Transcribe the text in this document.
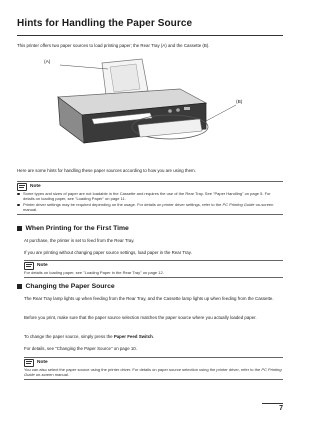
Hints for Handling the Paper Source

This printer offers two paper sources to load printing paper; the Rear Tray (A) and the Cassette (B).

(A)
(B)

Here are some hints for handling these paper sources according to how you are using them.

Note
Some types and sizes of paper are not loadable in the Cassette and requires the use of the Rear Tray. See "Paper Handling" on page 5. For details on loading paper, see "Loading Paper" on page 11.
Printer driver settings may be required depending on the usage. For details on printer driver settings, refer to the PC Printing Guide on-screen manual.
When Printing for the First Time

At purchase, the printer is set to feed from the Rear Tray.

If you are printing without changing paper source settings, load paper in the Rear Tray.

Note

For details on loading paper, see "Loading Paper in the Rear Tray" on page 12.

Changing the Paper Source

The Rear Tray lamp lights up when feeding from the Rear Tray, and the Cassette lamp lights up when feeding from the Cassette.

Before you print, make sure that the paper source selection matches the paper source where you actually loaded paper.

To change the paper source, simply press the Paper Feed Switch.

For details, see "Changing the Paper Source" on page 10.

Note

You can also select the paper source using the printer driver. For details on paper source selection using the printer driver, refer to the PC Printing Guide on-screen manual.

7
